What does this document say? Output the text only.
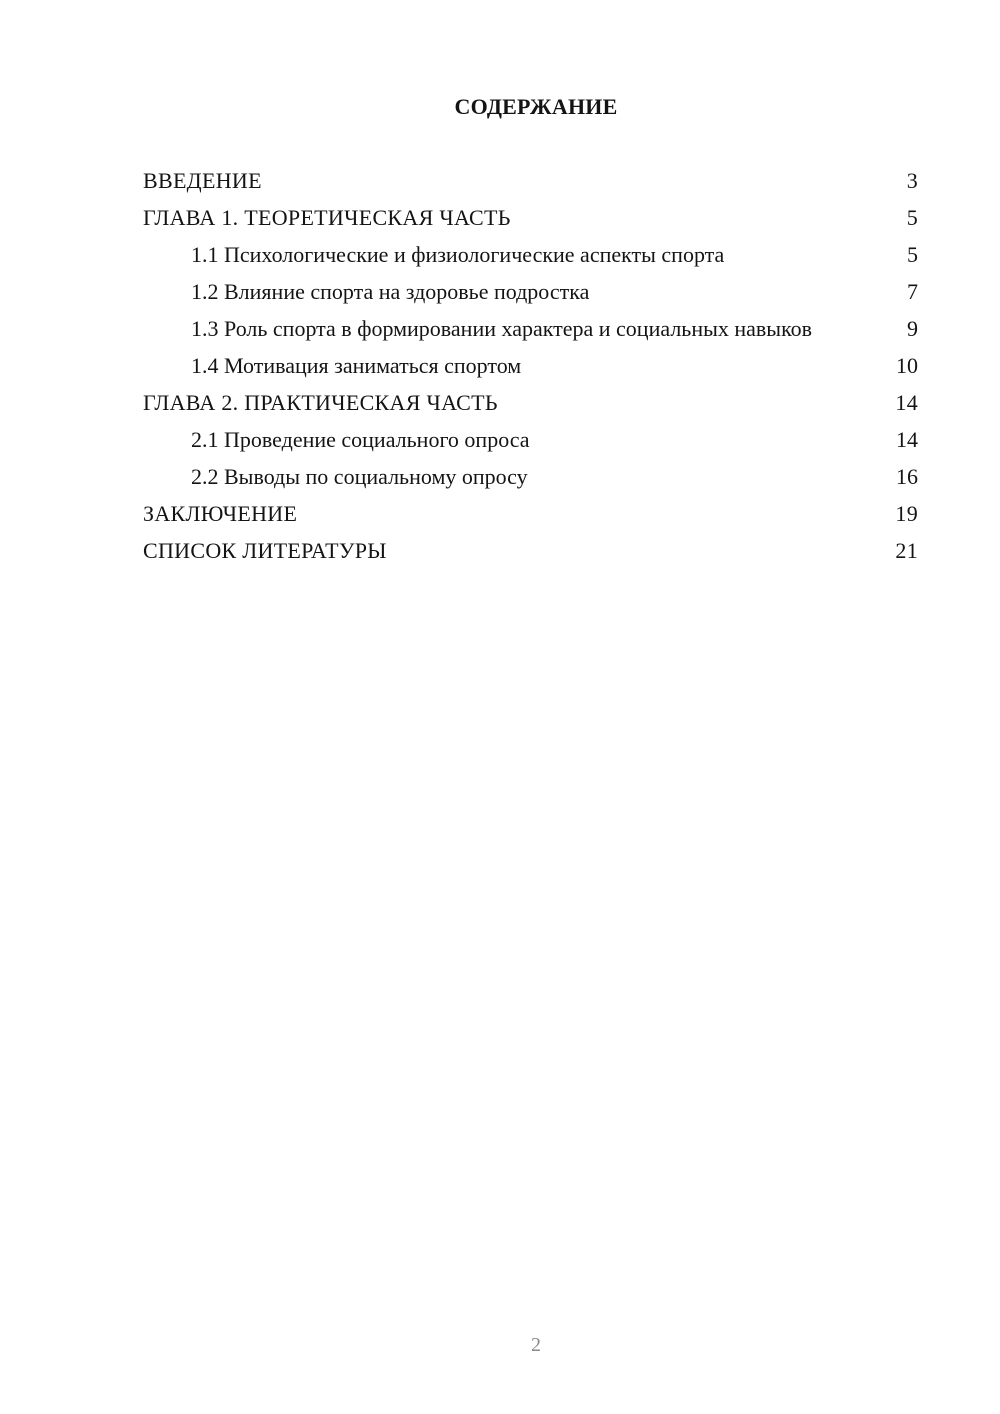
СОДЕРЖАНИЕ
ВВЕДЕНИЕ	3
ГЛАВА 1. ТЕОРЕТИЧЕСКАЯ ЧАСТЬ	5
1.1 Психологические и физиологические аспекты спорта	5
1.2 Влияние спорта на здоровье подростка	7
1.3 Роль спорта в формировании характера и социальных навыков	9
1.4 Мотивация заниматься спортом	10
ГЛАВА 2. ПРАКТИЧЕСКАЯ ЧАСТЬ	14
2.1 Проведение социального опроса	14
2.2 Выводы по социальному опросу	16
ЗАКЛЮЧЕНИЕ	19
СПИСОК ЛИТЕРАТУРЫ	21
2
